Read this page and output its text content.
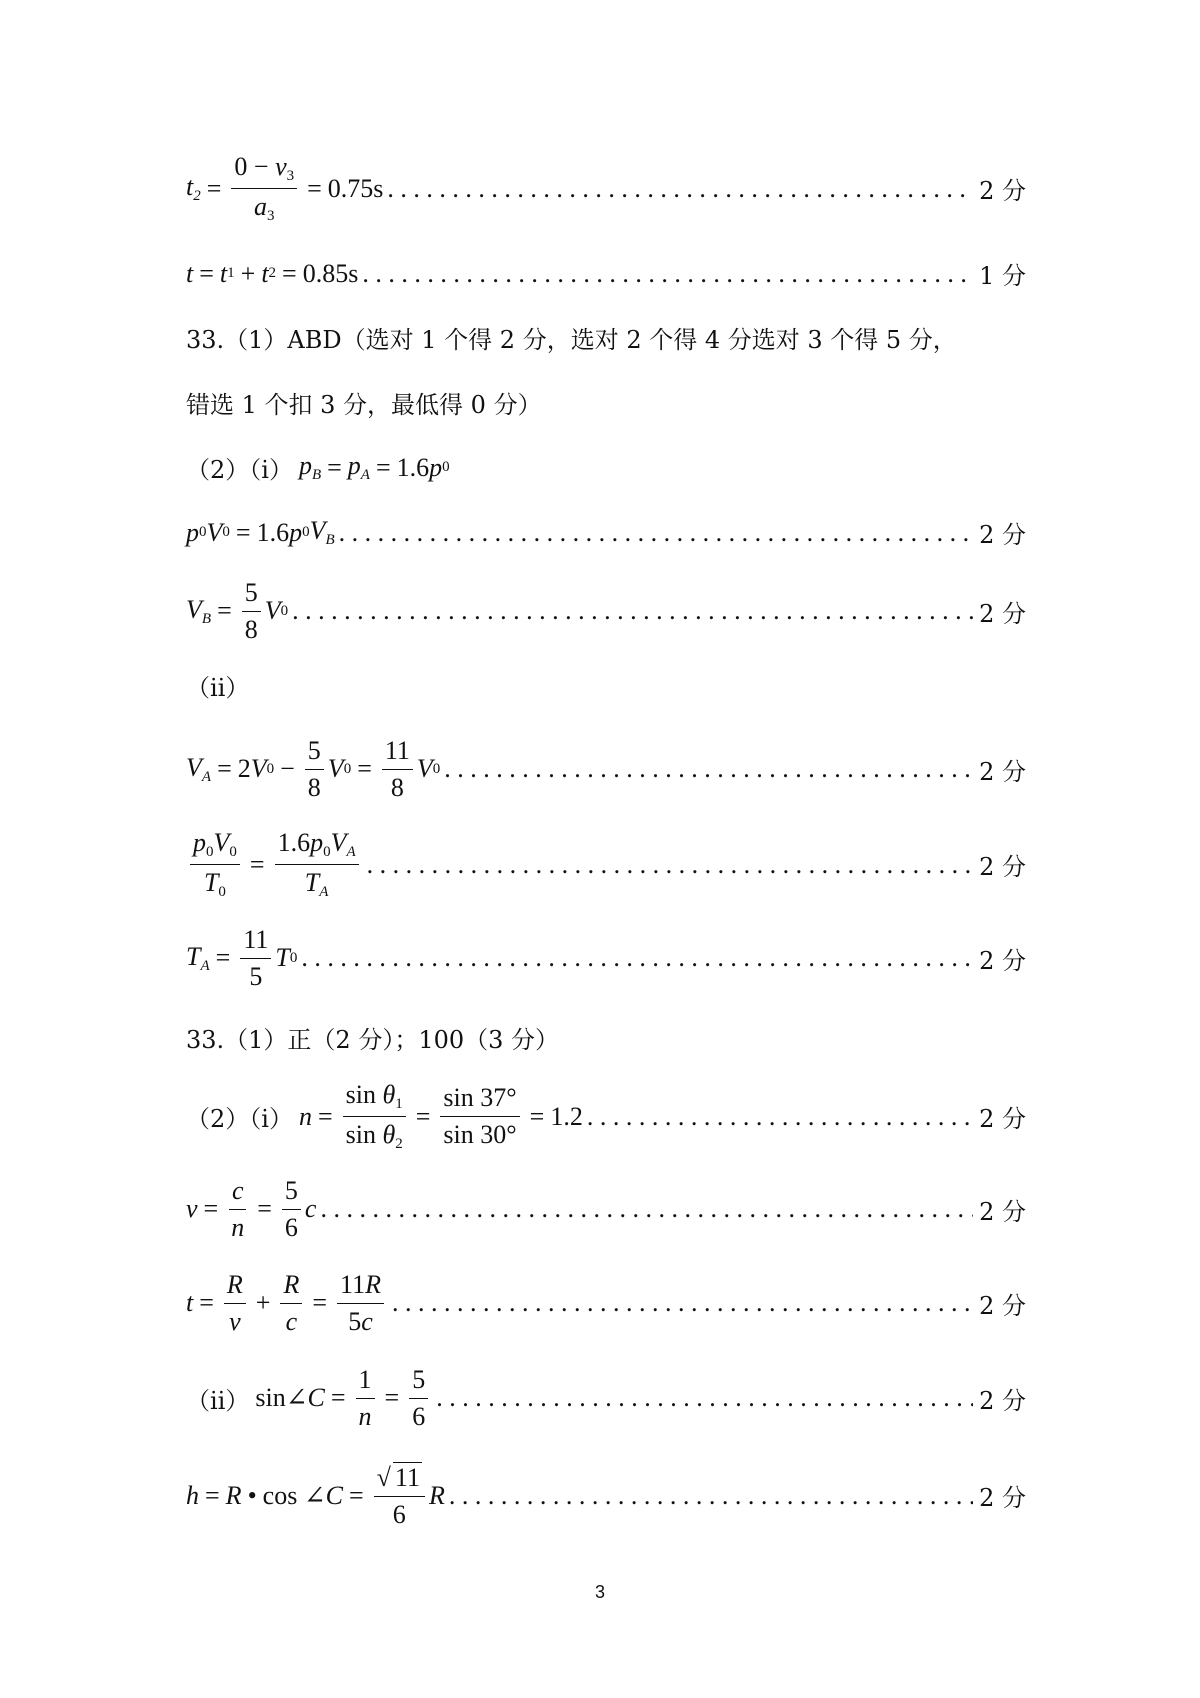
$t_2 = \frac{0 - v_3}{a_3} = 0.75s$ . . .	2 分
t = t 1 + t 2 = 0.85s . . .	1 分
33.（1）ABD（选对 1 个得 2 分，选对 2 个得 4 分选对 3 个得 5 分，
错选 1 个扣 3 分，最低得 0 分）
（2）（ⅰ） $p_B = p_A = 1.6$ p 0
p 0 V 0 = 1.6 p 0 $V_B$ . . .	2 分
$V_B = \frac{5}{8}$ V 0 . . .	2 分
（ⅱ）
$V_A = 2$ V $0 - \frac{5}{8}$ V $0 = \frac{11}{8}$ V 0 . . .	2 分
$\frac{p_0V_0}{T_0} = \frac{1.6p_0V_A}{T_A}$ . . .	2 分
$T_A = \frac{11}{5}$ T 0 . . .	2 分
33.（1）正（2 分）；100（3 分）
（2）（ⅰ） $n = \frac{\sin \theta_1}{\sin \theta_2} = \frac{\sin 37^\circ}{\sin 30^\circ} = 1.2$ . . .	2 分
$v = \frac{c}{n} = \frac{5}{6}$ c . . .	2 分
$t = \frac{R}{v} + \frac{R}{c} = \frac{11R}{5c}$ . . .	2 分
（ⅱ） sin∠ $C = \frac{1}{n} = \frac{5}{6}$ . . .	2 分
h = R • cos ∠ $C = \frac{√ 11}{6}$ R . . .	2 分
3
